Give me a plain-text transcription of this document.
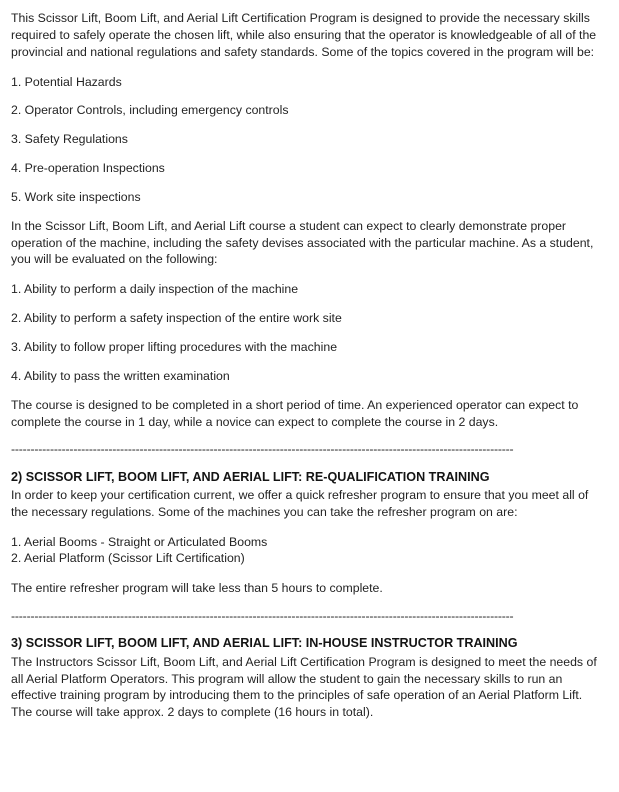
This Scissor Lift, Boom Lift, and Aerial Lift Certification Program is designed to provide the necessary skills required to safely operate the chosen lift, while also ensuring that the operator is knowledgeable of all of the provincial and national regulations and safety standards. Some of the topics covered in the program will be:

1. Potential Hazards
2. Operator Controls, including emergency controls
3. Safety Regulations
4. Pre-operation Inspections
5. Work site inspections

In the Scissor Lift, Boom Lift, and Aerial Lift course a student can expect to clearly demonstrate proper operation of the machine, including the safety devises associated with the particular machine. As a student, you will be evaluated on the following:

1. Ability to perform a daily inspection of the machine
2. Ability to perform a safety inspection of the entire work site
3. Ability to follow proper lifting procedures with the machine
4. Ability to pass the written examination

The course is designed to be completed in a short period of time. An experienced operator can expect to complete the course in 1 day, while a novice can expect to complete the course in 2 days.

---------------------------------------------------------------------------------------------------------------------------------
2) SCISSOR LIFT, BOOM LIFT, AND AERIAL LIFT: RE-QUALIFICATION TRAINING

In order to keep your certification current, we offer a quick refresher program to ensure that you meet all of the necessary regulations. Some of the machines you can take the refresher program on are:

1. Aerial Booms - Straight or Articulated Booms
2. Aerial Platform (Scissor Lift Certification)

The entire refresher program will take less than 5 hours to complete.

---------------------------------------------------------------------------------------------------------------------------------
3) SCISSOR LIFT, BOOM LIFT, AND AERIAL LIFT: IN-HOUSE INSTRUCTOR TRAINING

The Instructors Scissor Lift, Boom Lift, and Aerial Lift Certification Program is designed to meet the needs of all Aerial Platform Operators. This program will allow the student to gain the necessary skills to run an effective training program by introducing them to the principles of safe operation of an Aerial Platform Lift. The course will take approx. 2 days to complete (16 hours in total).
